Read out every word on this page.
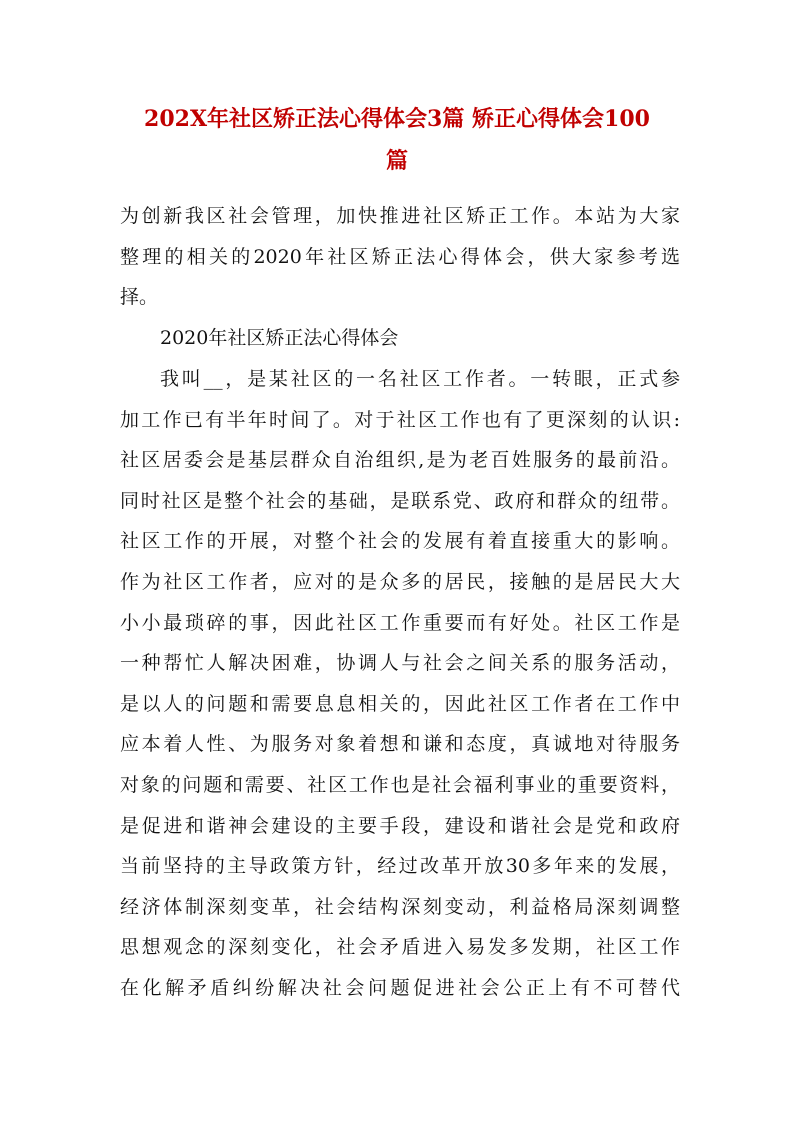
202X年社区矫正法心得体会3篇 矫正心得体会100
篇
为创新我区社会管理，加快推进社区矫正工作。本站为大家
整理的相关的2020年社区矫正法心得体会，供大家参考选
择。
2020年社区矫正法心得体会
我叫__，是某社区的一名社区工作者。一转眼，正式参
加工作已有半年时间了。对于社区工作也有了更深刻的认识:
社区居委会是基层群众自治组织,是为老百姓服务的最前沿。
同时社区是整个社会的基础，是联系党、政府和群众的纽带。
社区工作的开展，对整个社会的发展有着直接重大的影响。
作为社区工作者，应对的是众多的居民，接触的是居民大大
小小最琐碎的事，因此社区工作重要而有好处。社区工作是
一种帮忙人解决困难，协调人与社会之间关系的服务活动，
是以人的问题和需要息息相关的，因此社区工作者在工作中
应本着人性、为服务对象着想和谦和态度，真诚地对待服务
对象的问题和需要、社区工作也是社会福利事业的重要资料，
是促进和谐神会建设的主要手段，建设和谐社会是党和政府
当前坚持的主导政策方针，经过改革开放30多年来的发展，
经济体制深刻变革，社会结构深刻变动，利益格局深刻调整
思想观念的深刻变化，社会矛盾进入易发多发期，社区工作
在化解矛盾纠纷解决社会问题促进社会公正上有不可替代
